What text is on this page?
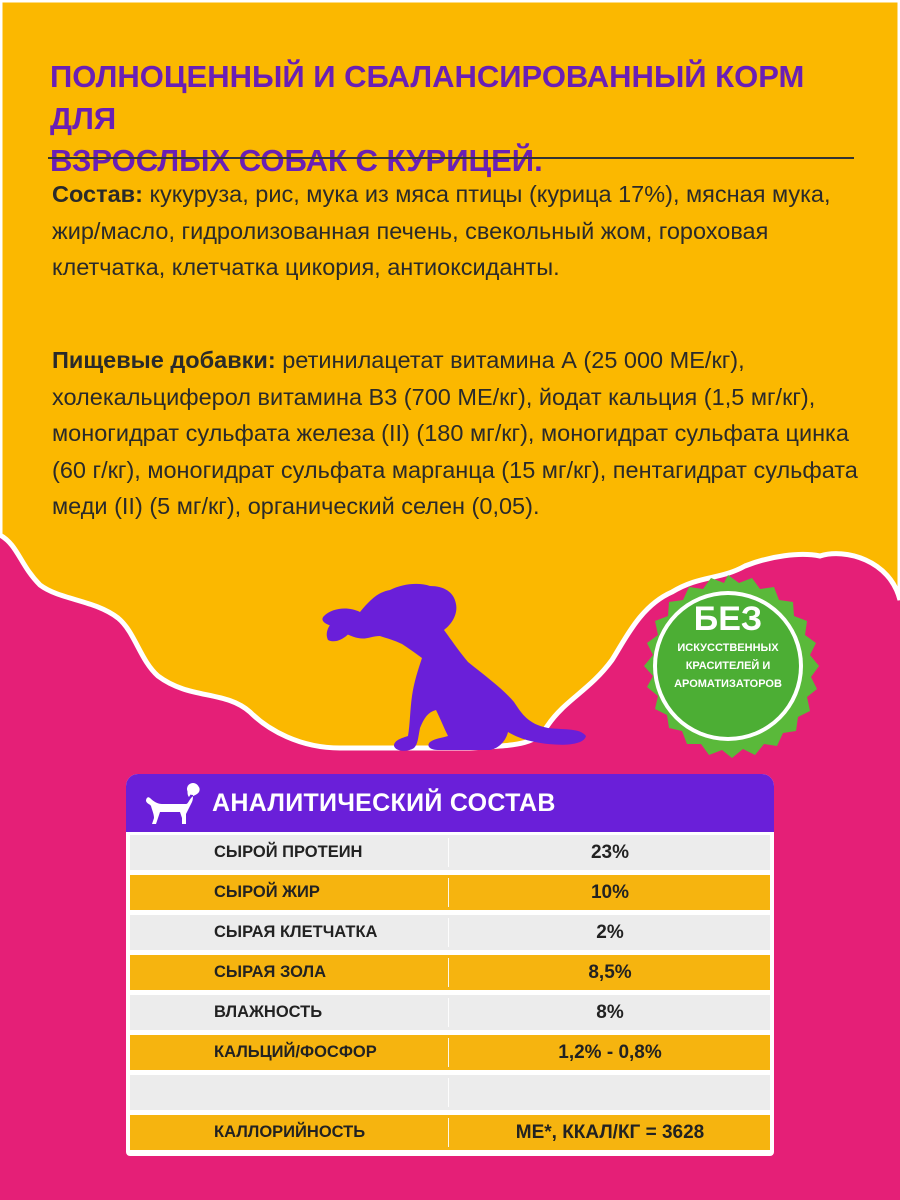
ПОЛНОЦЕННЫЙ И СБАЛАНСИРОВАННЫЙ КОРМ ДЛЯ
ВЗРОСЛЫХ СОБАК С КУРИЦЕЙ.

Состав: кукуруза, рис, мука из мяса птицы (курица 17%), мясная мука, жир/масло, гидролизованная печень, свекольный жом, гороховая клетчатка, клетчатка цикория, антиоксиданты.

Пищевые добавки: ретинилацетат витамина А (25 000 МЕ/кг), холекальциферол витамина В3 (700 МЕ/кг), йодат кальция (1,5 мг/кг), моногидрат сульфата железа (II) (180 мг/кг), моногидрат сульфата цинка (60 г/кг), моногидрат сульфата марганца (15 мг/кг), пентагидрат сульфата меди (II) (5 мг/кг), органический селен (0,05).

БЕЗ
ИСКУССТВЕННЫХ
КРАСИТЕЛЕЙ И
АРОМАТИЗАТОРОВ
АНАЛИТИЧЕСКИЙ СОСТАВ
СЫРОЙ ПРОТЕИН	23%
СЫРОЙ ЖИР	10%
СЫРАЯ КЛЕТЧАТКА	2%
СЫРАЯ ЗОЛА	8,5%
ВЛАЖНОСТЬ	8%
КАЛЬЦИЙ/ФОСФОР	1,2% - 0,8%
КАЛЛОРИЙНОСТЬ	МЕ*, ККАЛ/КГ = 3628
